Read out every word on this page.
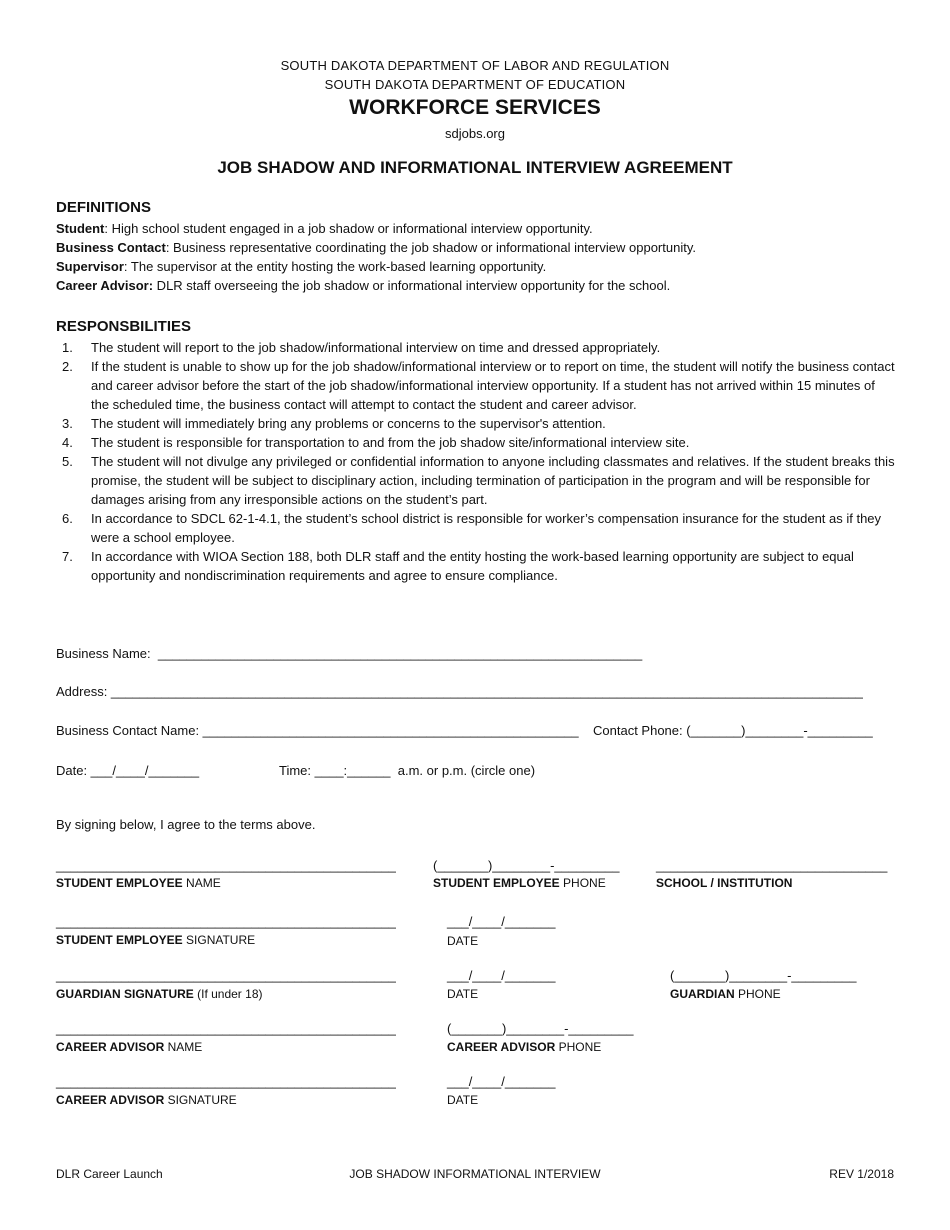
SOUTH DAKOTA DEPARTMENT OF LABOR AND REGULATION
SOUTH DAKOTA DEPARTMENT OF EDUCATION
WORKFORCE SERVICES
sdjobs.org
JOB SHADOW AND INFORMATIONAL INTERVIEW AGREEMENT
DEFINITIONS
Student: High school student engaged in a job shadow or informational interview opportunity.
Business Contact: Business representative coordinating the job shadow or informational interview opportunity.
Supervisor: The supervisor at the entity hosting the work-based learning opportunity.
Career Advisor: DLR staff overseeing the job shadow or informational interview opportunity for the school.
RESPONSBILITIES
1. The student will report to the job shadow/informational interview on time and dressed appropriately.
2. If the student is unable to show up for the job shadow/informational interview or to report on time, the student will notify the business contact and career advisor before the start of the job shadow/informational interview opportunity. If a student has not arrived within 15 minutes of the scheduled time, the business contact will attempt to contact the student and career advisor.
3. The student will immediately bring any problems or concerns to the supervisor's attention.
4. The student is responsible for transportation to and from the job shadow site/informational interview site.
5. The student will not divulge any privileged or confidential information to anyone including classmates and relatives. If the student breaks this promise, the student will be subject to disciplinary action, including termination of participation in the program and will be responsible for damages arising from any irresponsible actions on the student’s part.
6. In accordance to SDCL 62-1-4.1, the student’s school district is responsible for worker’s compensation insurance for the student as if they were a school employee.
7. In accordance with WIOA Section 188, both DLR staff and the entity hosting the work-based learning opportunity are subject to equal opportunity and nondiscrimination requirements and agree to ensure compliance.
Business Name:  ___________________________________________________________________
Address: ________________________________________________________________________________________________________
Business Contact Name: ____________________________________________________ Contact Phone: (_______)________-_________
Date: ___/____/_______	Time: ____:______  a.m. or p.m. (circle one)
By signing below, I agree to the terms above.
_______________________________________________
STUDENT EMPLOYEE NAME
(_______)________-_________
STUDENT EMPLOYEE PHONE
________________________________
SCHOOL / INSTITUTION
_______________________________________________
STUDENT EMPLOYEE SIGNATURE
___/____/_______
DATE
_______________________________________________
GUARDIAN SIGNATURE (If under 18)
___/____/_______
DATE
(_______)________-_________
GUARDIAN PHONE
_______________________________________________
CAREER ADVISOR NAME
(_______)________-_________
CAREER ADVISOR PHONE
_______________________________________________
CAREER ADVISOR SIGNATURE
___/____/_______
DATE
DLR Career Launch	JOB SHADOW INFORMATIONAL INTERVIEW	REV 1/2018
